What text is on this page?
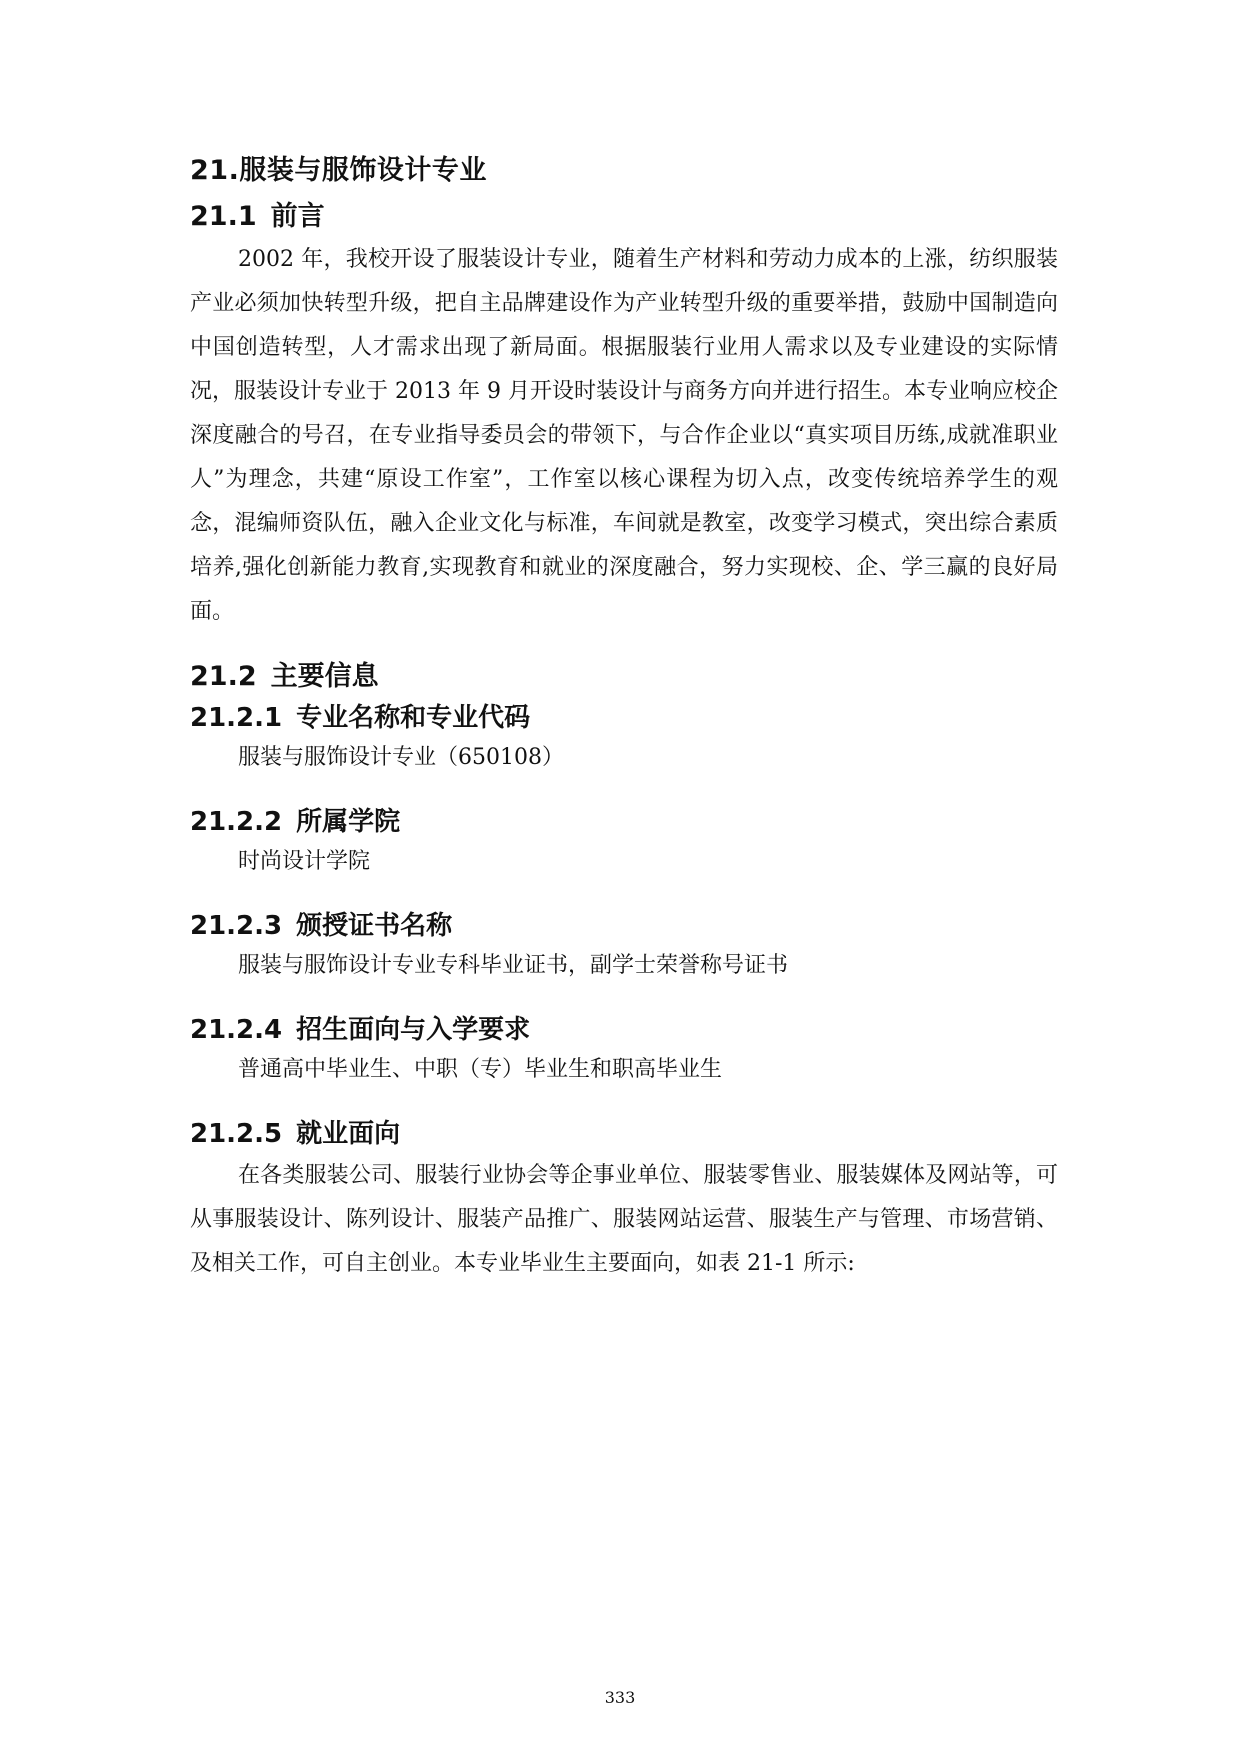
21.服装与服饰设计专业
21.1 前言

2002 年，我校开设了服装设计专业，随着生产材料和劳动力成本的上涨，纺织服装产业必须加快转型升级，把自主品牌建设作为产业转型升级的重要举措，鼓励中国制造向中国创造转型，人才需求出现了新局面。根据服装行业用人需求以及专业建设的实际情况，服装设计专业于 2013 年 9 月开设时装设计与商务方向并进行招生。本专业响应校企深度融合的号召，在专业指导委员会的带领下，与合作企业以“真实项目历练,成就准职业人”为理念，共建“原设工作室”，工作室以核心课程为切入点，改变传统培养学生的观念，混编师资队伍，融入企业文化与标准，车间就是教室，改变学习模式，突出综合素质培养,强化创新能力教育,实现教育和就业的深度融合，努力实现校、企、学三赢的良好局面。

21.2 主要信息
21.2.1 专业名称和专业代码

服装与服饰设计专业（650108）

21.2.2 所属学院

时尚设计学院

21.2.3 颁授证书名称

服装与服饰设计专业专科毕业证书，副学士荣誉称号证书

21.2.4 招生面向与入学要求

普通高中毕业生、中职（专）毕业生和职高毕业生

21.2.5 就业面向

在各类服装公司、服装行业协会等企事业单位、服装零售业、服装媒体及网站等，可从事服装设计、陈列设计、服装产品推广、服装网站运营、服装生产与管理、市场营销、及相关工作，可自主创业。本专业毕业生主要面向，如表 21-1 所示:

333
